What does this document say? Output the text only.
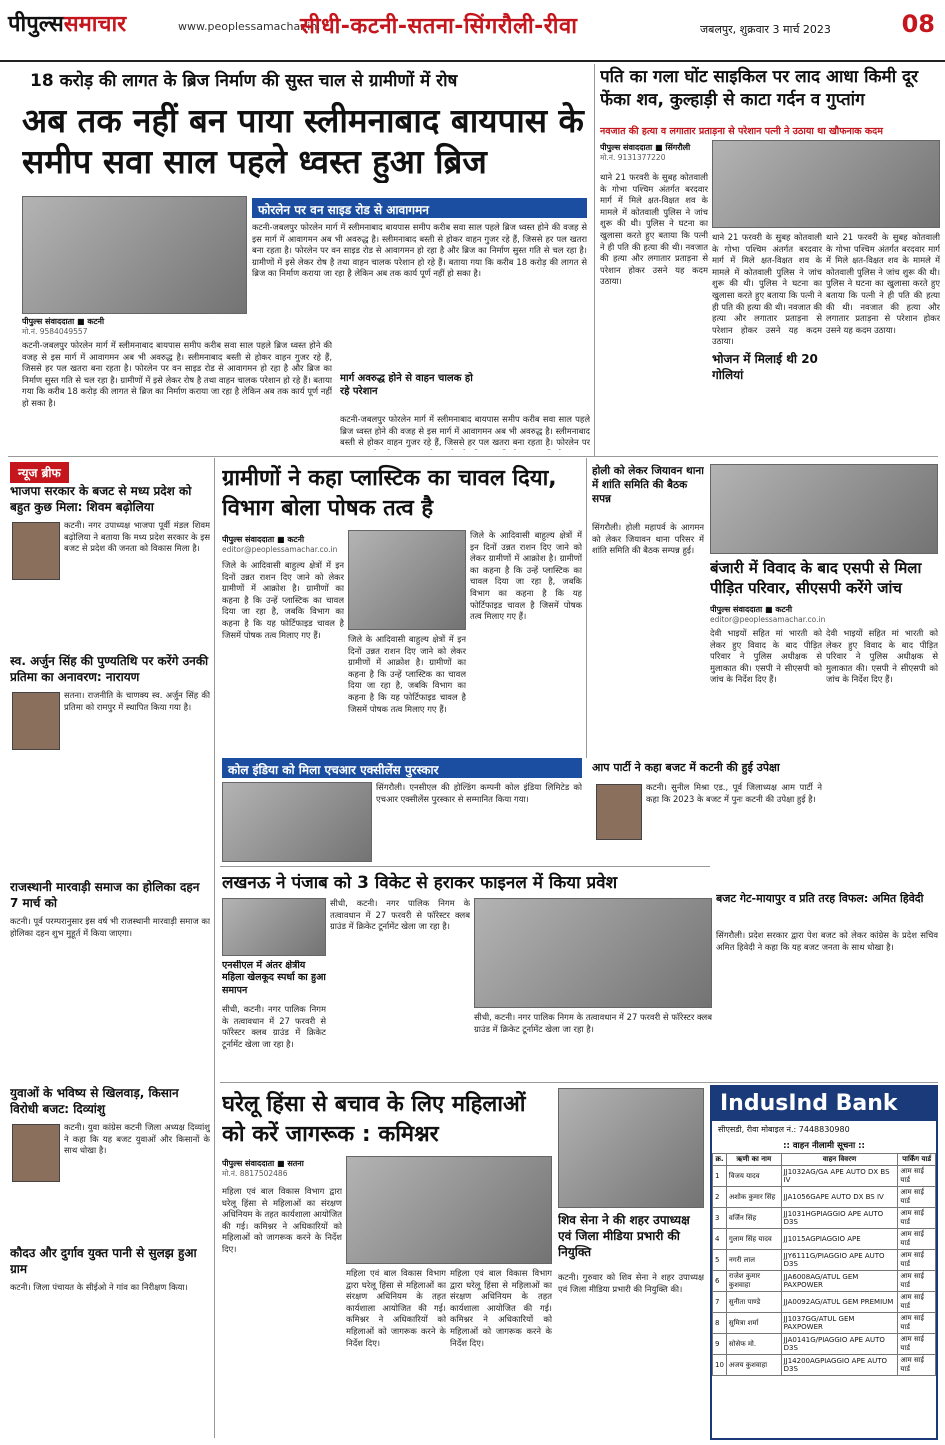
पीपुल्ससमाचार	www.peoplessamachar.in
सीधी-कटनी-सतना-सिंगरौली-रीवा	जबलपुर, शुक्रवार 3 मार्च 2023	08
18 करोड़ की लागत के ब्रिज निर्माण की सुस्त चाल से ग्रामीणों में रोष
अब तक नहीं बन पाया स्लीमनाबाद बायपास के समीप सवा साल पहले ध्वस्त हुआ ब्रिज
पीपुल्स संवाददाता ■ कटनी
मो.नं. 9584049557
फोरलेन पर वन साइड रोड से आवागमन
कटनी-जबलपुर फोरलेन मार्ग में स्लीमनाबाद बायपास समीप करीब सवा साल पहले ब्रिज ध्वस्त होने की वजह से इस मार्ग में आवागमन अब भी अवरुद्ध है। स्लीमनाबाद बस्ती से होकर वाहन गुजर रहे हैं, जिससे हर पल खतरा बना रहता है। फोरलेन पर वन साइड रोड से आवागमन हो रहा है और ब्रिज का निर्माण सुस्त गति से चल रहा है। ग्रामीणों में इसे लेकर रोष है तथा वाहन चालक परेशान हो रहे हैं। बताया गया कि करीब 18 करोड़ की लागत से ब्रिज का निर्माण कराया जा रहा है लेकिन अब तक कार्य पूर्ण नहीं हो सका है।
कटनी-जबलपुर फोरलेन मार्ग में स्लीमनाबाद बायपास समीप करीब सवा साल पहले ब्रिज ध्वस्त होने की वजह से इस मार्ग में आवागमन अब भी अवरुद्ध है। स्लीमनाबाद बस्ती से होकर वाहन गुजर रहे हैं, जिससे हर पल खतरा बना रहता है। फोरलेन पर वन साइड रोड से आवागमन हो रहा है और ब्रिज का निर्माण सुस्त गति से चल रहा है। ग्रामीणों में इसे लेकर रोष है तथा वाहन चालक परेशान हो रहे हैं। बताया गया कि करीब 18 करोड़ की लागत से ब्रिज का निर्माण कराया जा रहा है लेकिन अब तक कार्य पूर्ण नहीं हो सका है।
मार्ग अवरुद्ध होने से वाहन चालक हो रहे परेशान
कटनी-जबलपुर फोरलेन मार्ग में स्लीमनाबाद बायपास समीप करीब सवा साल पहले ब्रिज ध्वस्त होने की वजह से इस मार्ग में आवागमन अब भी अवरुद्ध है। स्लीमनाबाद बस्ती से होकर वाहन गुजर रहे हैं, जिससे हर पल खतरा बना रहता है। फोरलेन पर
पति का गला घोंट साइकिल पर लाद आधा किमी दूर फेंका शव, कुल्हाड़ी से काटा गर्दन व गुप्तांग
नवजात की हत्या व लगातार प्रताड़ना से परेशान पत्नी ने उठाया था खौफनाक कदम
पीपुल्स संवाददाता ■ सिंगरौली
मो.नं. 9131377220
थाने 21 फरवरी के सुबह कोतवाली के गोभा पश्चिम अंतर्गत बरदवार मार्ग में मिले क्षत-विक्षत शव के मामले में कोतवाली पुलिस ने जांच शुरू की थी। पुलिस ने घटना का खुलासा करते हुए बताया कि पत्नी ने ही पति की हत्या की थी। नवजात की हत्या और लगातार प्रताड़ना से परेशान होकर उसने यह कदम उठाया।
थाने 21 फरवरी के सुबह कोतवाली के गोभा पश्चिम अंतर्गत बरदवार मार्ग में मिले क्षत-विक्षत शव के मामले में कोतवाली पुलिस ने जांच शुरू की थी। पुलिस ने घटना का खुलासा करते हुए बताया कि पत्नी ने ही पति की हत्या की थी। नवजात की हत्या और लगातार प्रताड़ना से परेशान होकर उसने यह कदम उठाया।
भोजन में मिलाई थी 20 गोलियां
थाने 21 फरवरी के सुबह कोतवाली के गोभा पश्चिम अंतर्गत बरदवार मार्ग में मिले क्षत-विक्षत शव के मामले में कोतवाली पुलिस ने जांच शुरू की थी। पुलिस ने घटना का खुलासा करते हुए बताया कि पत्नी ने ही पति की हत्या की थी। नवजात की हत्या और लगातार प्रताड़ना से परेशान होकर उसने यह कदम उठाया।
न्यूज ब्रीफ
भाजपा सरकार के बजट से मध्य प्रदेश को बहुत कुछ मिला: शिवम बढ़ोलिया
कटनी। नगर उपाध्यक्ष भाजपा पूर्वी मंडल शिवम बढ़ोलिया ने बताया कि मध्य प्रदेश सरकार के इस बजट से प्रदेश की जनता को विकास मिला है।
स्व. अर्जुन सिंह की पुण्यतिथि पर करेंगे उनकी प्रतिमा का अनावरण: नारायण
सतना। राजनीति के चाणक्य स्व. अर्जुन सिंह की प्रतिमा को रामपुर में स्थापित किया गया है।
राजस्थानी मारवाड़ी समाज का होलिका दहन 7 मार्च को
कटनी। पूर्व परम्परानुसार इस वर्ष भी राजस्थानी मारवाड़ी समाज का होलिका दहन शुभ मुहूर्त में किया जाएगा।
युवाओं के भविष्य से खिलवाड़, किसान विरोधी बजट: दिव्यांशु
कटनी। युवा कांग्रेस कटनी जिला अध्यक्ष दिव्यांशु ने कहा कि यह बजट युवाओं और किसानों के साथ धोखा है।
कौदउ और दुर्गाव युक्त पानी से सुलझ हुआ ग्राम
कटनी। जिला पंचायत के सीईओ ने गांव का निरीक्षण किया।
ग्रामीणों ने कहा प्लास्टिक का चावल दिया, विभाग बोला पोषक तत्व है
पीपुल्स संवाददाता ■ कटनी
editor@peoplessamachar.co.in
जिले के आदिवासी बाहुल्य क्षेत्रों में इन दिनों उन्नत राशन दिए जाने को लेकर ग्रामीणों में आक्रोश है। ग्रामीणों का कहना है कि उन्हें प्लास्टिक का चावल दिया जा रहा है, जबकि विभाग का कहना है कि यह फोर्टिफाइड चावल है जिसमें पोषक तत्व मिलाए गए हैं।	जिले के आदिवासी बाहुल्य क्षेत्रों में इन दिनों उन्नत राशन दिए जाने को लेकर ग्रामीणों में आक्रोश है। ग्रामीणों का कहना है कि उन्हें प्लास्टिक का चावल दिया जा रहा है, जबकि विभाग का कहना है कि यह फोर्टिफाइड चावल है जिसमें पोषक तत्व मिलाए गए हैं।
जिले के आदिवासी बाहुल्य क्षेत्रों में इन दिनों उन्नत राशन दिए जाने को लेकर ग्रामीणों में आक्रोश है। ग्रामीणों का कहना है कि उन्हें प्लास्टिक का चावल दिया जा रहा है, जबकि विभाग का कहना है कि यह फोर्टिफाइड चावल है जिसमें पोषक तत्व मिलाए गए हैं।
होली को लेकर जियावन थाना में शांति समिति की बैठक सपन्न
सिंगरौली। होली महापर्व के आगमन को लेकर जियावन थाना परिसर में शांति समिति की बैठक सम्पन्न हुई।
बंजारी में विवाद के बाद एसपी से मिला पीड़ित परिवार, सीएसपी करेंगे जांच
पीपुल्स संवाददाता ■ कटनी
editor@peoplessamachar.co.in
देवी भाइयों सहित मां भारती को लेकर हुए विवाद के बाद पीड़ित परिवार ने पुलिस अधीक्षक से मुलाकात की। एसपी ने सीएसपी को जांच के निर्देश दिए हैं।
देवी भाइयों सहित मां भारती को लेकर हुए विवाद के बाद पीड़ित परिवार ने पुलिस अधीक्षक से मुलाकात की। एसपी ने सीएसपी को जांच के निर्देश दिए हैं।
कोल इंडिया को मिला एचआर एक्सीलेंस पुरस्कार
सिंगरौली। एनसीएल की होल्डिंग कम्पनी कोल इंडिया लिमिटेड को एचआर एक्सीलेंस पुरस्कार से सम्मानित किया गया।
आप पार्टी ने कहा बजट में कटनी की हुई उपेक्षा
कटनी। सुनील मिश्रा एड., पूर्व जिलाध्यक्ष आम पार्टी ने कहा कि 2023 के बजट में पुनः कटनी की उपेक्षा हुई है।
लखनऊ ने पंजाब को 3 विकेट से हराकर फाइनल में किया प्रवेश
एनसीएल में अंतर क्षेत्रीय महिला खेलकूद स्पर्धा का हुआ समापन
सीधी, कटनी। नगर पालिक निगम के तत्वावधान में 27 फरवरी से फॉरेस्टर क्लब ग्राउंड में क्रिकेट टूर्नामेंट खेला जा रहा है।
सीधी, कटनी। नगर पालिक निगम के तत्वावधान में 27 फरवरी से फॉरेस्टर क्लब ग्राउंड में क्रिकेट टूर्नामेंट खेला जा रहा है।
सीधी, कटनी। नगर पालिक निगम के तत्वावधान में 27 फरवरी से फॉरेस्टर क्लब ग्राउंड में क्रिकेट टूर्नामेंट खेला जा रहा है।
बजट गेट-मायापुर व प्रति तरह विफल: अमित हिवेदी
सिंगरौली। प्रदेश सरकार द्वारा पेश बजट को लेकर कांग्रेस के प्रदेश सचिव अमित हिवेदी ने कहा कि यह बजट जनता के साथ धोखा है।
घरेलू हिंसा से बचाव के लिए महिलाओं को करें जागरूक : कमिश्नर
पीपुल्स संवाददाता ■ सतना
मो.नं. 8817502486
महिला एवं बाल विकास विभाग द्वारा घरेलू हिंसा से महिलाओं का संरक्षण अधिनियम के तहत कार्यशाला आयोजित की गई। कमिश्नर ने अधिकारियों को महिलाओं को जागरूक करने के निर्देश दिए।
महिला एवं बाल विकास विभाग द्वारा घरेलू हिंसा से महिलाओं का संरक्षण अधिनियम के तहत कार्यशाला आयोजित की गई। कमिश्नर ने अधिकारियों को महिलाओं को जागरूक करने के निर्देश दिए।
महिला एवं बाल विकास विभाग द्वारा घरेलू हिंसा से महिलाओं का संरक्षण अधिनियम के तहत कार्यशाला आयोजित की गई। कमिश्नर ने अधिकारियों को महिलाओं को जागरूक करने के निर्देश दिए।
शिव सेना ने की शहर उपाध्यक्ष एवं जिला मीडिया प्रभारी की नियुक्ति
कटनी। गुरुवार को शिव सेना ने शहर उपाध्यक्ष एवं जिला मीडिया प्रभारी की नियुक्ति की।
IndusInd Bank
सीएसडी, रीवा मोबाइल नं.: 7448830980
:: वाहन नीलामी सूचना ::
क्र.	ऋणी का नाम	वाहन विवरण	पार्किंग यार्ड
1	विजय यादव	JJ1032AG/GA APE AUTO DX BS IV	आम साई यार्ड
2	अशोक कुमार सिंह	JJA1056GAPE AUTO DX BS IV	आम साई यार्ड
3	वर्जिन सिंह	JJ1031HGPIAGGIO APE AUTO D3S	आम साई यार्ड
4	गुलाम सिंह यादव	JJ1015AGPIAGGIO APE	आम साई यार्ड
5	नगरी लाल	JJY6111G/PIAGGIO APE AUTO D3S	आम साई यार्ड
6	राजेश कुमार कुशवाहा	JJA6008AG/ATUL GEM PAXPOWER	आम साई यार्ड
7	सुनीता पाण्डे	JJA0092AG/ATUL GEM PREMIUM	आम साई यार्ड
8	सुमित्रा शर्मा	JJ1037GG/ATUL GEM PAXPOWER	आम साई यार्ड
9	सोसेफ मो.	JJA0141G/PIAGGIO APE AUTO D3S	आम साई यार्ड
10	अजय कुशवाहा	JJ14200AGPIAGGIO APE AUTO D3S	आम साई यार्ड
